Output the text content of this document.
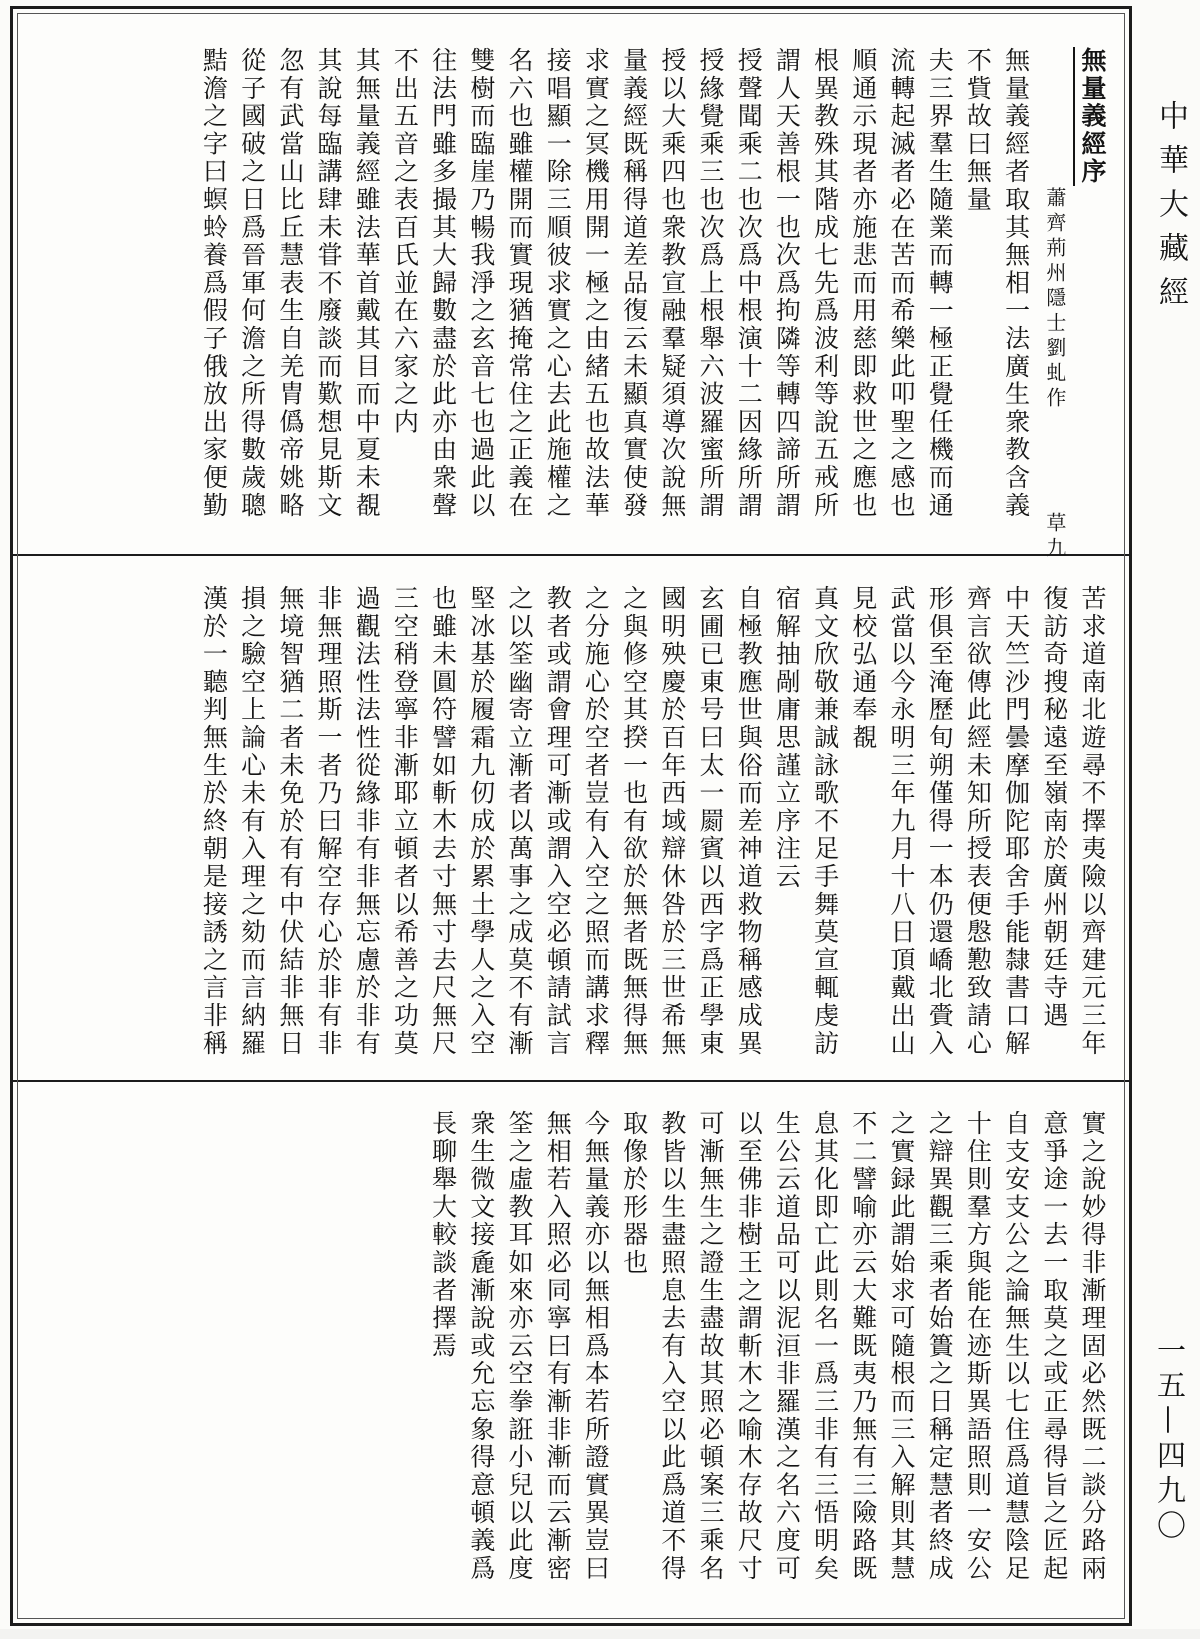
無量義經序
蕭齊荊州隱士劉虬作　　　　草九
無量義經者取其無相一法廣生衆教含義
不貲故曰無量
夫三界羣生隨業而轉一極正覺任機而通
流轉起滅者必在苦而希樂此叩聖之感也
順通示現者亦施悲而用慈即救世之應也
根異教殊其階成七先爲波利等說五戒所
謂人天善根一也次爲拘隣等轉四諦所謂
授聲聞乘二也次爲中根演十二因緣所謂
授緣覺乘三也次爲上根舉六波羅蜜所謂
授以大乘四也衆教宣融羣疑須導次說無
量義經既稱得道差品復云未顯真實使發
求實之冥機用開一極之由緒五也故法華
接唱顯一除三順彼求實之心去此施權之
名六也雖權開而實現猶掩常住之正義在
雙樹而臨崖乃暢我淨之玄音七也過此以
往法門雖多撮其大歸數盡於此亦由衆聲
不出五音之表百氏並在六家之内
其無量義經雖法華首戴其目而中夏未覩
其說每臨講肆未甞不廢談而歎想見斯文
忽有武當山比丘慧表生自羌胄僞帝姚略
從子國破之日爲晉軍何澹之所得數歲聰
黠澹之字曰螟蛉養爲假子俄放出家便勤
苦求道南北遊尋不擇夷險以齊建元三年
復訪奇搜秘遠至嶺南於廣州朝廷寺遇
中天竺沙門曇摩伽陀耶舍手能隸書口解
齊言欲傳此經未知所授表便慇懃致請心
形俱至淹歷旬朔僅得一本仍還嶠北賫入
武當以今永明三年九月十八日頂戴出山
見校弘通奉覩
真文欣敬兼誠詠歌不足手舞莫宣輒虔訪
宿解抽剮庸思謹立序注云
自極教應世與俗而差神道救物稱感成異
玄圃已東号曰太一罽賓以西字爲正學東
國明殃慶於百年西域辯休咎於三世希無
之與修空其揆一也有欲於無者既無得無
之分施心於空者豈有入空之照而講求釋
教者或謂會理可漸或謂入空必頓請試言
之以筌幽寄立漸者以萬事之成莫不有漸
堅冰基於履霜九仞成於累土學人之入空
也雖未圓符譬如斬木去寸無寸去尺無尺
三空稍登寧非漸耶立頓者以希善之功莫
過觀法性法性從緣非有非無忘慮於非有
非無理照斯一者乃曰解空存心於非有非
無境智猶二者未免於有有中伏結非無日
損之驗空上論心未有入理之劾而言納羅
漢於一聽判無生於終朝是接誘之言非稱
實之說妙得非漸理固必然既二談分路兩
意爭途一去一取莫之或正尋得旨之匠起
自支安支公之論無生以七住爲道慧陰足
十住則羣方與能在迹斯異語照則一安公
之辯異觀三乘者始簣之日稱定慧者終成
之實録此謂始求可隨根而三入解則其慧
不二譬喻亦云大難既夷乃無有三險路既
息其化即亡此則名一爲三非有三悟明矣
生公云道品可以泥洹非羅漢之名六度可
以至佛非樹王之謂斬木之喻木存故尺寸
可漸無生之證生盡故其照必頓案三乘名
教皆以生盡照息去有入空以此爲道不得
取像於形器也
今無量義亦以無相爲本若所證實異豈曰
無相若入照必同寧曰有漸非漸而云漸密
筌之虛教耳如來亦云空拳誑小兒以此度
衆生微文接麁漸說或允忘象得意頓義爲
長聊舉大較談者擇焉
中華大藏經
一五—四九〇
